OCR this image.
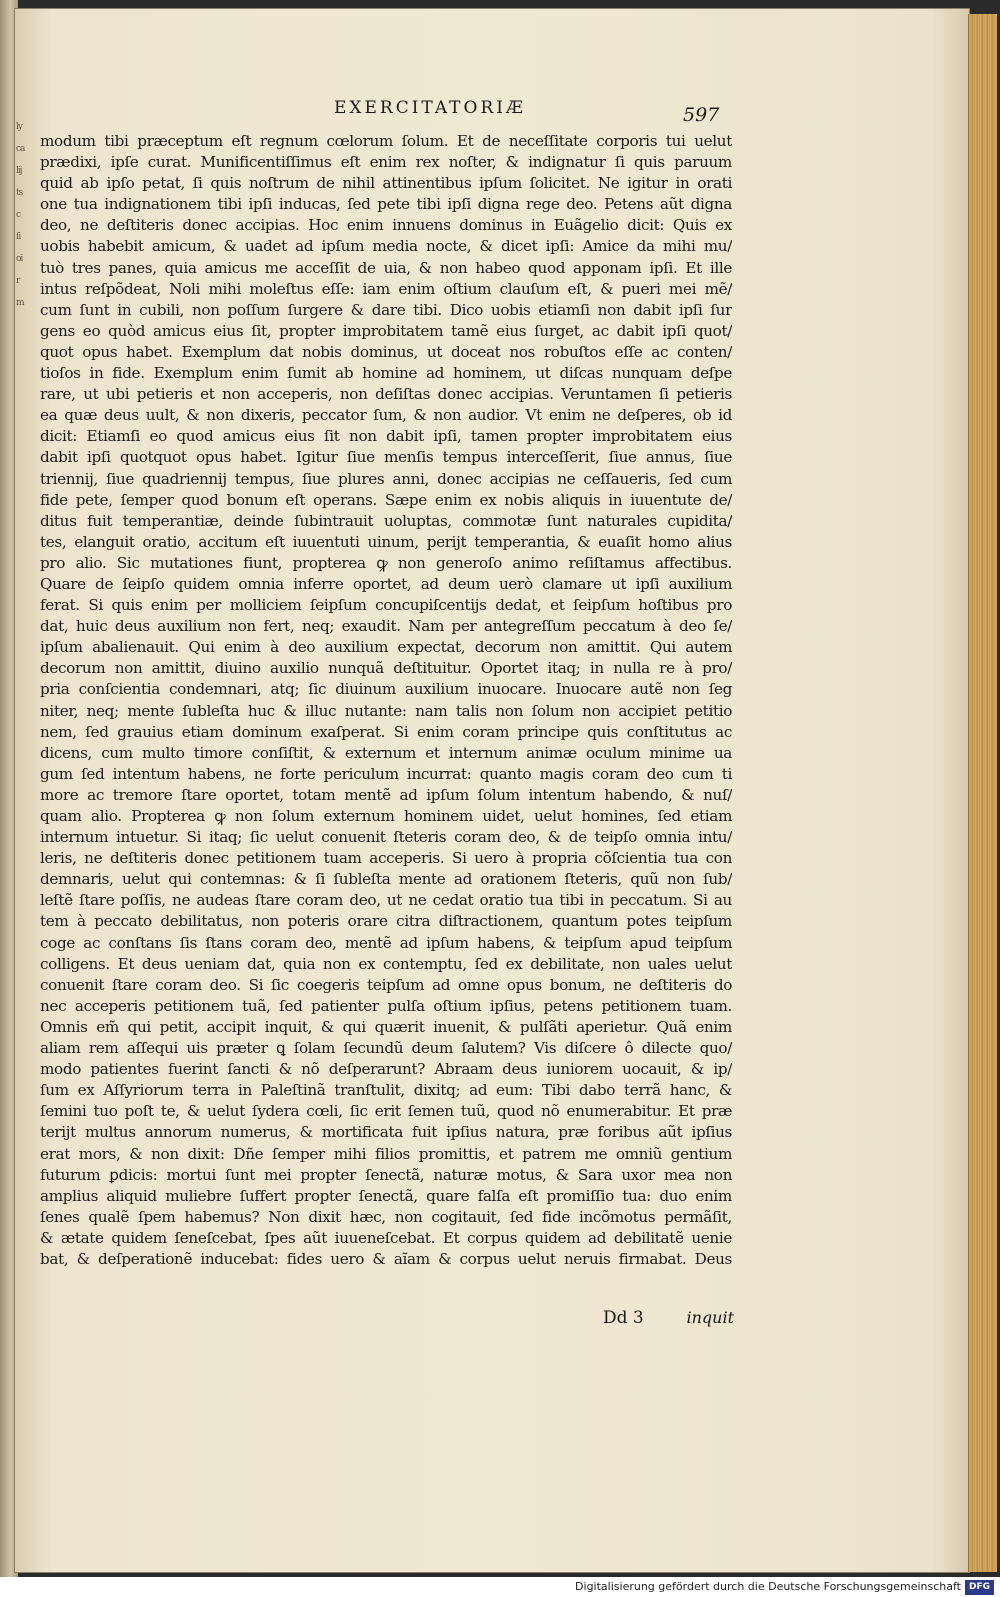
ly
ca
lij
ts
c
ſi
oi
r
m
EXERCITATORIÆ	597
modum tibi præceptum eſt regnum cœlorum ſolum. Et de neceſſitate corporis tui uelut
prædixi, ipſe curat. Munificentiſſimus eſt enim rex noſter, & indignatur ſi quis paruum
quid ab ipſo petat, ſi quis noſtrum de nihil attinentibus ipſum ſolicitet. Ne igitur in orati
one tua indignationem tibi ipſi inducas, ſed pete tibi ipſi digna rege deo. Petens aũt digna
deo, ne deſtiteris donec accipias. Hoc enim innuens dominus in Euãgelio dicit: Quis ex
uobis habebit amicum, & uadet ad ipſum media nocte, & dicet ipſi: Amice da mihi mu/
tuò tres panes, quia amicus me acceſſit de uia, & non habeo quod apponam ipſi. Et ille
intus reſpõdeat, Noli mihi moleſtus eſſe: iam enim oſtium clauſum eſt, & pueri mei mẽ/
cum ſunt in cubili, non poſſum ſurgere & dare tibi. Dico uobis etiamſi non dabit ipſi ſur
gens eo quòd amicus eius ſit, propter improbitatem tamẽ eius ſurget, ac dabit ipſi quot/
quot opus habet. Exemplum dat nobis dominus, ut doceat nos robuſtos eſſe ac conten/
tioſos in fide. Exemplum enim ſumit ab homine ad hominem, ut diſcas nunquam deſpe
rare, ut ubi petieris et non acceperis, non deſiſtas donec accipias. Veruntamen ſi petieris
ea quæ deus uult, & non dixeris, peccator ſum, & non audior. Vt enim ne deſperes, ob id
dicit: Etiamſi eo quod amicus eius ſit non dabit ipſi, tamen propter improbitatem eius
dabit ipſi quotquot opus habet. Igitur ſiue menſis tempus interceſſerit, ſiue annus, ſiue
triennij, ſiue quadriennij tempus, ſiue plures anni, donec accipias ne ceſſaueris, ſed cum
fide pete, ſemper quod bonum eſt operans. Sæpe enim ex nobis aliquis in iuuentute de/
ditus fuit temperantiæ, deinde ſubintrauit uoluptas, commotæ ſunt naturales cupidita/
tes, elanguit oratio, accitum eſt iuuentuti uinum, perijt temperantia, & euaſit homo alius
pro alio. Sic mutationes fiunt, propterea ꝙ non generoſo animo reſiſtamus affectibus.
Quare de ſeipſo quidem omnia inferre oportet, ad deum uerò clamare ut ipſi auxilium
ferat. Si quis enim per molliciem ſeipſum concupiſcentijs dedat, et ſeipſum hoſtibus pro
dat, huic deus auxilium non fert, neq; exaudit. Nam per antegreſſum peccatum à deo ſe/
ipſum abalienauit. Qui enim à deo auxilium expectat, decorum non amittit. Qui autem
decorum non amittit, diuino auxilio nunquã deſtituitur. Oportet itaq; in nulla re à pro/
pria conſcientia condemnari, atq; ſic diuinum auxilium inuocare. Inuocare autẽ non ſeg
niter, neq; mente ſubleſta huc & illuc nutante: nam talis non ſolum non accipiet petitio
nem, ſed grauius etiam dominum exaſperat. Si enim coram principe quis conſtitutus ac
dicens, cum multo timore conſiſtit, & externum et internum animæ oculum minime ua
gum ſed intentum habens, ne forte periculum incurrat: quanto magis coram deo cum ti
more ac tremore ſtare oportet, totam mentẽ ad ipſum ſolum intentum habendo, & nuſ/
quam alio. Propterea ꝙ non ſolum externum hominem uidet, uelut homines, ſed etiam
internum intuetur. Si itaq; ſic uelut conuenit ſteteris coram deo, & de teipſo omnia intu/
leris, ne deſtiteris donec petitionem tuam acceperis. Si uero à propria cõſcientia tua con
demnaris, uelut qui contemnas: & ſi ſubleſta mente ad orationem ſteteris, quũ non ſub/
leſtẽ ſtare poſſis, ne audeas ſtare coram deo, ut ne cedat oratio tua tibi in peccatum. Si au
tem à peccato debilitatus, non poteris orare citra diſtractionem, quantum potes teipſum
coge ac conſtans ſis ſtans coram deo, mentẽ ad ipſum habens, & teipſum apud teipſum
colligens. Et deus ueniam dat, quia non ex contemptu, ſed ex debilitate, non uales uelut
conuenit ſtare coram deo. Si ſic coegeris teipſum ad omne opus bonum, ne deſtiteris do
nec acceperis petitionem tuã, ſed patienter pulſa oſtium ipſius, petens petitionem tuam.
Omnis em̃ qui petit, accipit inquit, & qui quærit inuenit, & pulſãti aperietur. Quã enim
aliam rem aſſequi uis præter ꝗ ſolam ſecundũ deum ſalutem? Vis diſcere ô dilecte quo/
modo patientes fuerint ſancti & nõ deſperarunt? Abraam deus iuniorem uocauit, & ip/
ſum ex Aſſyriorum terra in Paleſtinã tranſtulit, dixitq; ad eum: Tibi dabo terrã hanc, &
ſemini tuo poſt te, & uelut ſydera cœli, ſic erit ſemen tuũ, quod nõ enumerabitur. Et præ
terijt multus annorum numerus, & mortificata fuit ipſius natura, præ foribus aũt ipſius
erat mors, & non dixit: Dñe ſemper mihi filios promittis, et patrem me omniũ gentium
futurum ꝑdicis: mortui ſunt mei propter ſenectã, naturæ motus, & Sara uxor mea non
amplius aliquid muliebre ſuffert propter ſenectã, quare falſa eſt promiſſio tua: duo enim
ſenes qualẽ ſpem habemus? Non dixit hæc, non cogitauit, ſed fide incõmotus permãſit,
& ætate quidem ſeneſcebat, ſpes aũt iuueneſcebat. Et corpus quidem ad debilitatẽ uenie
bat, & deſperationẽ inducebat: fides uero & aĩam & corpus uelut neruis firmabat. Deus
Dd 3	inquit
Digitalisierung gefördert durch die Deutsche Forschungsgemeinschaft DFG
